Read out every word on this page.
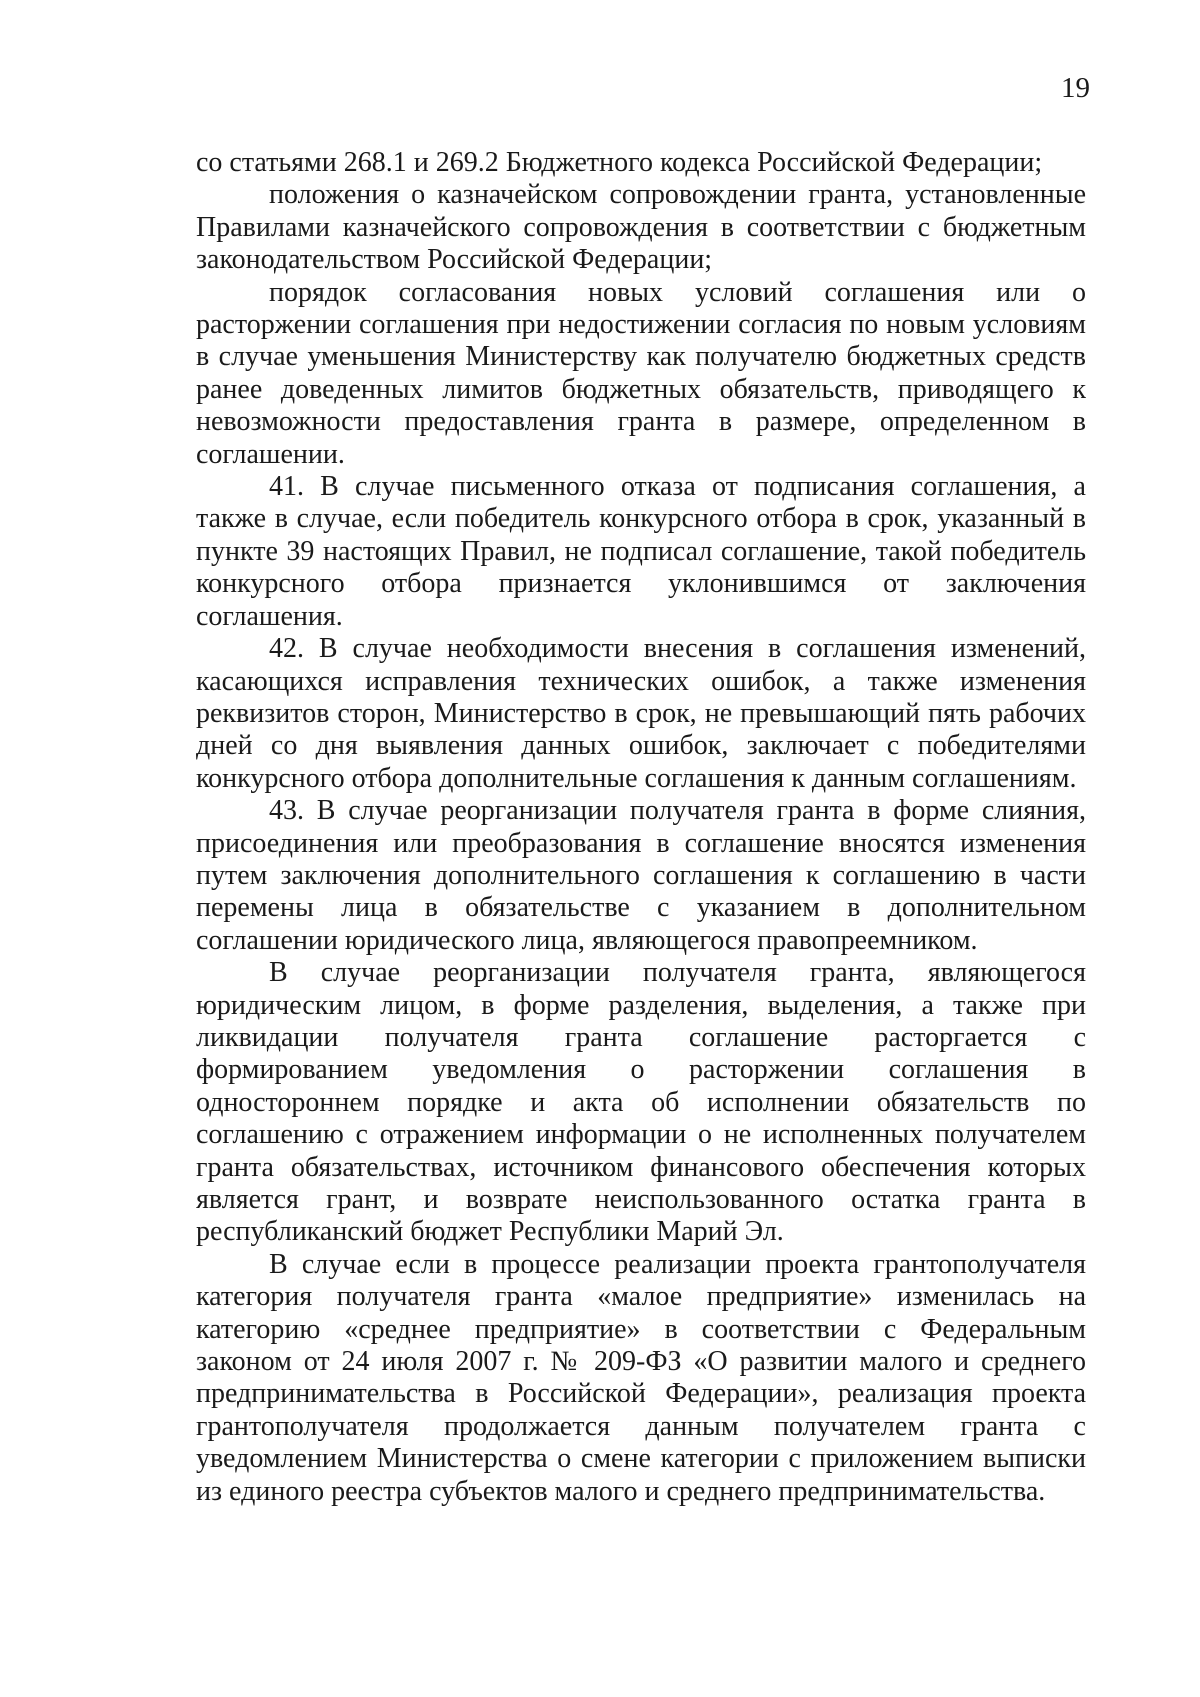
19

со статьями 268.1 и 269.2 Бюджетного кодекса Российской Федерации;

положения о казначейском сопровождении гранта, установленные Правилами казначейского сопровождения в соответствии с бюджетным законодательством Российской Федерации;

порядок согласования новых условий соглашения или о расторжении соглашения при недостижении согласия по новым условиям в случае уменьшения Министерству как получателю бюджетных средств ранее доведенных лимитов бюджетных обязательств, приводящего к невозможности предоставления гранта в размере, определенном в соглашении.

41. В случае письменного отказа от подписания соглашения, а также в случае, если победитель конкурсного отбора в срок, указанный в пункте 39 настоящих Правил, не подписал соглашение, такой победитель конкурсного отбора признается уклонившимся от заключения соглашения.

42. В случае необходимости внесения в соглашения изменений, касающихся исправления технических ошибок, а также изменения реквизитов сторон, Министерство в срок, не превышающий пять рабочих дней со дня выявления данных ошибок, заключает с победителями конкурсного отбора дополнительные соглашения к данным соглашениям.

43. В случае реорганизации получателя гранта в форме слияния, присоединения или преобразования в соглашение вносятся изменения путем заключения дополнительного соглашения к соглашению в части перемены лица в обязательстве с указанием в дополнительном соглашении юридического лица, являющегося правопреемником.

В случае реорганизации получателя гранта, являющегося юридическим лицом, в форме разделения, выделения, а также при ликвидации получателя гранта соглашение расторгается с формированием уведомления о расторжении соглашения в одностороннем порядке и акта об исполнении обязательств по соглашению с отражением информации о не исполненных получателем гранта обязательствах, источником финансового обеспечения которых является грант, и возврате неиспользованного остатка гранта в республиканский бюджет Республики Марий Эл.

В случае если в процессе реализации проекта грантополучателя категория получателя гранта «малое предприятие» изменилась на категорию «среднее предприятие» в соответствии с Федеральным законом от 24 июля 2007 г. № 209-ФЗ «О развитии малого и среднего предпринимательства в Российской Федерации», реализация проекта грантополучателя продолжается данным получателем гранта с уведомлением Министерства о смене категории с приложением выписки из единого реестра субъектов малого и среднего предпринимательства.
